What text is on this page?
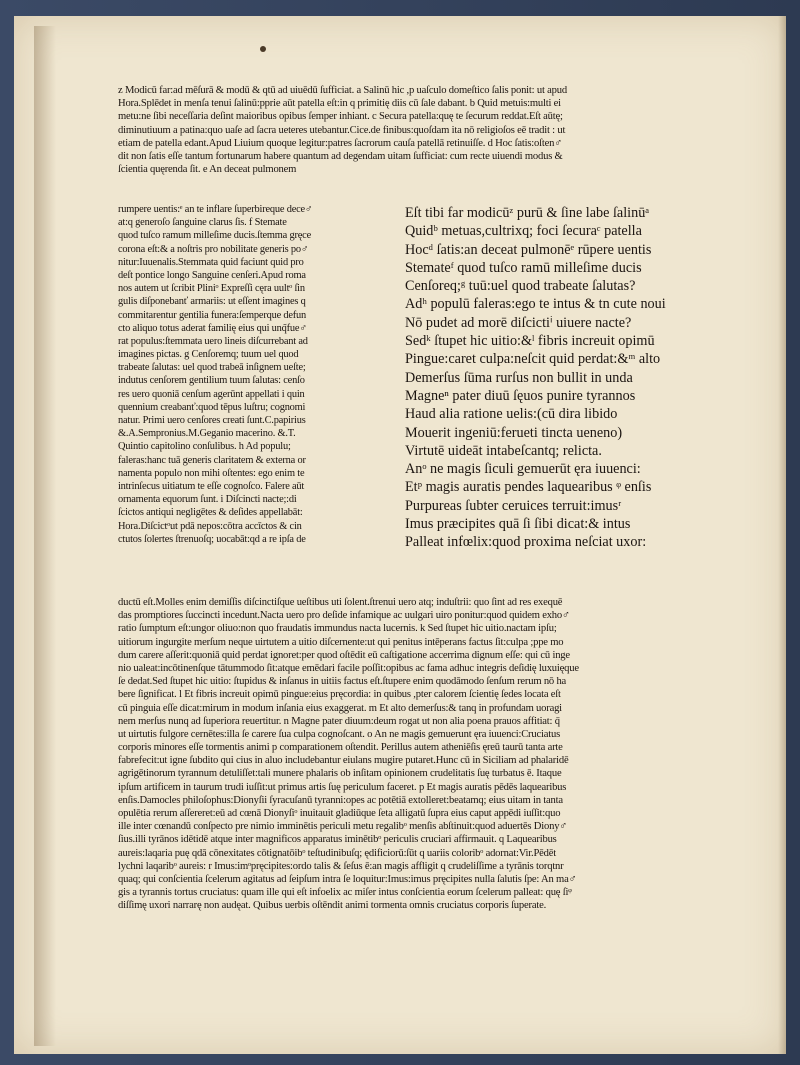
z Modicū far:ad mēſurā & modū & qtū ad uiuēdū ſufficiat. a Salinū hic ,p uaſculo domeſtico ſalis ponit: ut apud
Hora.Splēdet in menſa tenui ſalinū:pprie aūt patella eſt:in q primitię diis cū ſale dabant. b Quid metuis:multi ei
metu:ne ſibi neceſſaria deſint maioribus opibus ſemper inhiant. c Secura patella:quę te ſecurum reddat.Eſt aūtę;
diminutiuum a patina:quo uaſe ad ſacra ueteres utebantur.Cice.de finibus:quoſdam ita nō religioſos eē tradit : ut
etiam de patella edant.Apud Liuium quoque legitur:patres ſacrorum cauſa patellā retinuiſſe. d Hoc ſatis:oſten♂
dit non ſatis eſſe tantum fortunarum habere quantum ad degendam uitam ſufficiat: cum recte uiuendi modus &
ſcientia quęrenda ſit. e An deceat pulmonem
rumpere uentis:ᵉ an te inflare ſuperbireque dece♂
at:q generoſo ſanguine clarus ſis. f Stemate
quod tuſco ramum milleſime ducis.ſtemma gręce
corona eſt:& a noſtris pro nobilitate generis po♂
nitur:Iuuenalis.Stemmata quid faciunt quid pro
deſt pontice longo Sanguine cenſeri.Apud roma
nos autem ut ſcribit Pliniᵒ Expreſſi cęra uultᵒ ſin
gulis diſponebanť armariis: ut eſſent imagines q
commitarentur gentilia funera:ſemperque defun
cto aliquo totus aderat familię eius qui unq̃fue♂
rat populus:ſtemmata uero lineis diſcurrebant ad
imagines pictas. g Cenſoremq; tuum uel quod
trabeate ſalutas: uel quod trabeā inſignem ueſte;
indutus cenſorem gentilium tuum ſalutas: cenſo
res uero quoniā cenſum agerūnt appellati i quin
quennium creabanť:quod tēpus luſtru; cognomi
natur. Primi uero cenſores creati ſunt.C.papirius
&.A.Sempronius.M.Geganio macerino. &.T.
Quintio capitolino conſulibus. h Ad populu;
faleras:hanc tuā generis claritatem & externa or
namenta populo non mihi oſtentes: ego enim te
intrinſecus uitiatum te eſſe cognoſco. Falere aūt
ornamenta equorum ſunt. i Diſcincti nacte;:di
ſcictos antiqui negligētes & deſides appellabāt:
Hora.Diſcictᵒut pdā nepos:cōtra accīctos & cin
ctutos ſolertes ſtrenuoſq; uocabāt:qd a re ipſa de
Eſt tibi far modicūᶻ purū & ſine labe ſalinūᵃ
Quidᵇ metuas,cultrixq; foci ſecuraᶜ patella
Hocᵈ ſatis:an deceat pulmonēᵉ rūpere uentis
Stemateᶠ quod tuſco ramū milleſime ducis
Cenſoreq;ᵍ tuū:uel quod trabeate ſalutas?
Adʰ populū faleras:ego te intus & tn cute noui
Nō pudet ad morē diſcictiⁱ uiuere nacte?
Sedᵏ ſtupet hic uitio:&ˡ fibris increuit opimū
Pingue:caret culpa:neſcit quid perdat:&ᵐ alto
Demerſus ſūma rurſus non bullit in unda
Magneⁿ pater diuū ſęuos punire tyrannos
Haud alia ratione uelis:(cū dira libido
Mouerit ingeniū:ferueti tincta ueneno)
Virtutē uideāt intabeſcantq; relicta.
Anᵒ ne magis ſiculi gemuerūt ęra iuuenci:
Etᵖ magis auratis pendes laquearibus ᵠ enſis
Purpureas ſubter ceruices terruit:imusʳ
Imus præcipites quā ſi ſibi dicat:& intus
Palleat infœlix:quod proxima neſciat uxor:
ductū eſt.Molles enim demiſſis diſcinctiſque ueſtibus uti ſolent.ſtrenui uero atq; induſtrii: quo ſint ad res exequē
das promptiores ſuccincti incedunt.Nacta uero pro deſide infamique ac uulgari uiro ponitur:quod quidem exho♂
ratio ſumptum eſt:ungor oliuo:non quo fraudatis immundus nacta lucernis. k Sed ſtupet hic uitio.nactam ipſu;
uitiorum ingurgite merſum neque uirtutem a uitio diſcernente:ut qui penitus intēperans factus ſit:culpa ;ppe mo
dum carere aſſerit:quoniā quid perdat ignoret:per quod oſtēdit eū caſtigatione accerrima dignum eſſe: qui cū inge
nio ualeat:incōtinenſque tātummodo ſit:atque emēdari facile poſſit:opibus ac fama adhuc integris deſidię luxuięque
ſe dedat.Sed ſtupet hic uitio: ſtupidus & inſanus in uitiis factus eſt.ſtupere enim quodāmodo ſenſum rerum nō ha
bere ſignificat. l Et fibris increuit opimū pingue:eius pręcordia: in quibus ,pter calorem ſcientię ſedes locata eſt
cū pinguia eſſe dicat:mirum in modum inſania eius exaggerat. m Et alto demerſus:& tanq in profundam uoragi
nem merſus nunq ad ſuperiora reuertitur. n Magne pater diuum:deum rogat ut non alia poena prauos affitiat: q̄
ut uirtutis fulgore cernētes:illa ſe carere ſua culpa cognoſcant. o An ne magis gemuerunt ęra iuuenci:Cruciatus
corporis minores eſſe tormentis animi p comparationem oſtendit. Perillus autem atheniēſis ęreū taurū tanta arte
fabrefecit:ut igne ſubdito qui cius in aluo includebantur eiulans mugire putaret.Hunc cū in Siciliam ad phalaridē
agrigētinorum tyrannum detuliſſet:tali munere phalaris ob inſitam opinionem crudelitatis ſuę turbatus ē. Itaque
ipſum artificem in taurum trudi iuſſit:ut primus artis ſuę periculum faceret. p Et magis auratis pēdēs laquearibus
enſis.Damocles philoſophus:Dionyſii ſyracuſanū tyranni:opes ac potētiā extolleret:beatamq; eius uitam in tanta
opulētia rerum aſſereret:eū ad cœnā Dionyſiᵒ inuitauit gladiūque ſeta alligatū ſupra eius caput appēdi iuſſit:quo
ille inter cœnandū conſpecto pre nimio imminētis periculi metu regalibᵒ menſis abſtinuit:quod aduertēs Diony♂
ſius.illi tyrānos idētidē atque inter magnificos apparatus iminētibᵒ periculis cruciari affirmauit. q Laquearibus
aureis:laqaria puę qdā cōnexitates cōtignatōibᵒ teſtudinibuſq; ędificiorū:ſūt q uariis coloribᵒ adornat:Vir.Pēdēt
lychni laqaribᵒ aureis: r Imus:imᵒpręcipites:ordo talis & ſeſus ē:an magis affligit q crudeliſſime a tyrānis torqtnr
quaq; qui conſcientia ſcelerum agitatus ad ſeipſum intra ſe loquitur:Imus:imus pręcipites nulla ſalutis ſpe: An ma♂
gis a tyrannis tortus cruciatus: quam ille qui eſt infoelix ac miſer intus conſcientia eorum ſcelerum palleat: quę ſiᵠ
diſſimę uxori narrarę non audęat. Quibus uerbis oſtēndit animi tormenta omnis cruciatus corporis ſuperate.
